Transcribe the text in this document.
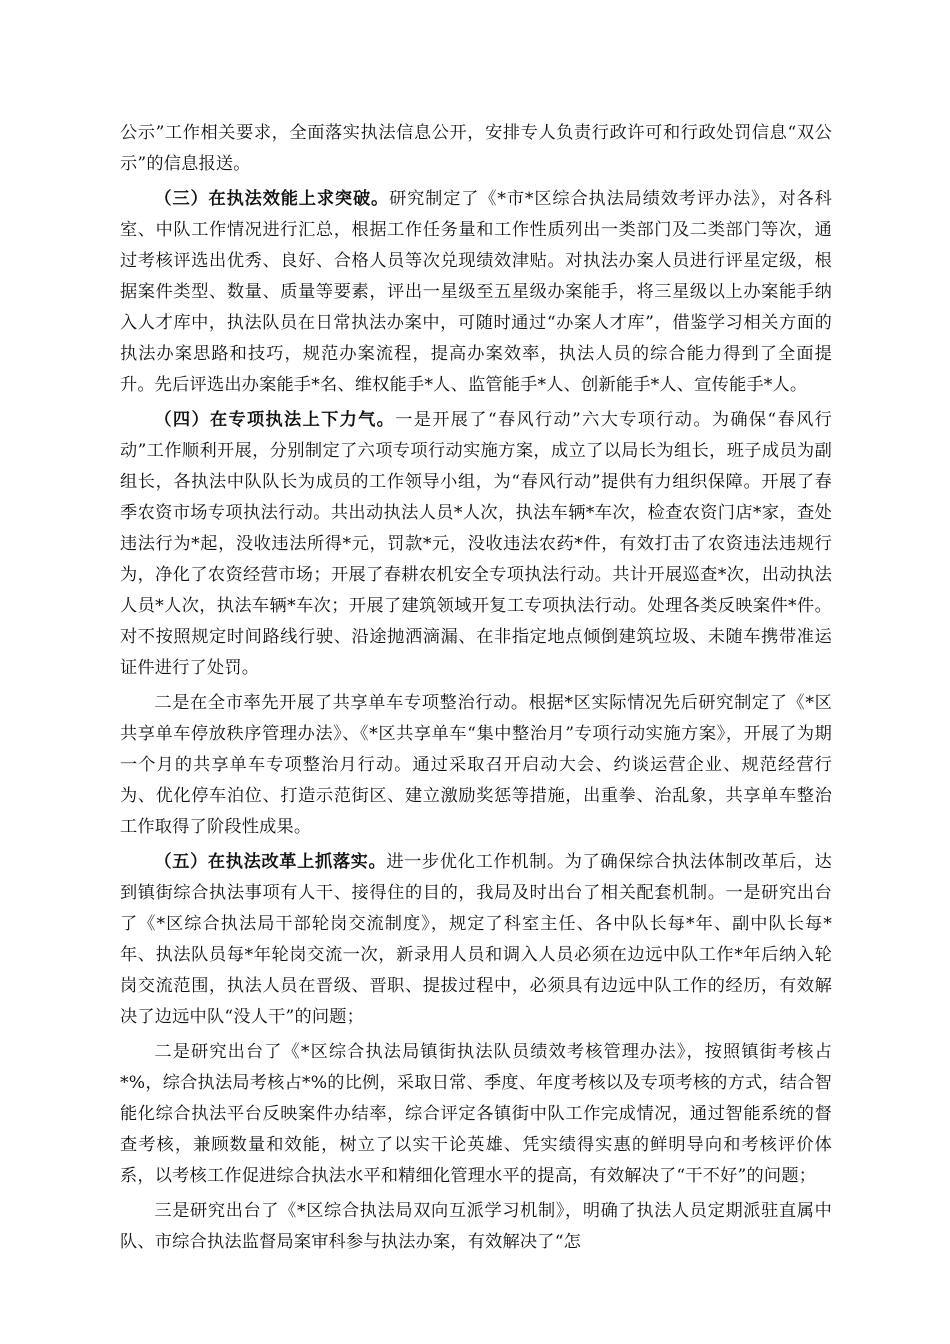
公示”工作相关要求，全面落实执法信息公开，安排专人负责行政许可和行政处罚信息“双公示”的信息报送。

（三）在执法效能上求突破。研究制定了《*市*区综合执法局绩效考评办法》，对各科室、中队工作情况进行汇总，根据工作任务量和工作性质列出一类部门及二类部门等次，通过考核评选出优秀、良好、合格人员等次兑现绩效津贴。对执法办案人员进行评星定级，根据案件类型、数量、质量等要素，评出一星级至五星级办案能手，将三星级以上办案能手纳入人才库中，执法队员在日常执法办案中，可随时通过“办案人才库”，借鉴学习相关方面的执法办案思路和技巧，规范办案流程，提高办案效率，执法人员的综合能力得到了全面提升。先后评选出办案能手*名、维权能手*人、监管能手*人、创新能手*人、宣传能手*人。

（四）在专项执法上下力气。一是开展了“春风行动”六大专项行动。为确保“春风行动”工作顺利开展，分别制定了六项专项行动实施方案，成立了以局长为组长，班子成员为副组长，各执法中队队长为成员的工作领导小组，为“春风行动”提供有力组织保障。开展了春季农资市场专项执法行动。共出动执法人员*人次，执法车辆*车次，检查农资门店*家，查处违法行为*起，没收违法所得*元，罚款*元，没收违法农药*件，有效打击了农资违法违规行为，净化了农资经营市场；开展了春耕农机安全专项执法行动。共计开展巡查*次，出动执法人员*人次，执法车辆*车次；开展了建筑领域开复工专项执法行动。处理各类反映案件*件。对不按照规定时间路线行驶、沿途抛洒滴漏、在非指定地点倾倒建筑垃圾、未随车携带准运证件进行了处罚。

二是在全市率先开展了共享单车专项整治行动。根据*区实际情况先后研究制定了《*区共享单车停放秩序管理办法》、《*区共享单车“集中整治月”专项行动实施方案》，开展了为期一个月的共享单车专项整治月行动。通过采取召开启动大会、约谈运营企业、规范经营行为、优化停车泊位、打造示范街区、建立激励奖惩等措施，出重拳、治乱象，共享单车整治工作取得了阶段性成果。

（五）在执法改革上抓落实。进一步优化工作机制。为了确保综合执法体制改革后，达到镇街综合执法事项有人干、接得住的目的，我局及时出台了相关配套机制。一是研究出台了《*区综合执法局干部轮岗交流制度》，规定了科室主任、各中队长每*年、副中队长每*年、执法队员每*年轮岗交流一次，新录用人员和调入人员必须在边远中队工作*年后纳入轮岗交流范围，执法人员在晋级、晋职、提拔过程中，必须具有边远中队工作的经历，有效解决了边远中队“没人干”的问题；

二是研究出台了《*区综合执法局镇街执法队员绩效考核管理办法》，按照镇街考核占*%，综合执法局考核占*%的比例，采取日常、季度、年度考核以及专项考核的方式，结合智能化综合执法平台反映案件办结率，综合评定各镇街中队工作完成情况，通过智能系统的督查考核，兼顾数量和效能，树立了以实干论英雄、凭实绩得实惠的鲜明导向和考核评价体系，以考核工作促进综合执法水平和精细化管理水平的提高，有效解决了“干不好”的问题；

三是研究出台了《*区综合执法局双向互派学习机制》，明确了执法人员定期派驻直属中队、市综合执法监督局案审科参与执法办案，有效解决了“怎
